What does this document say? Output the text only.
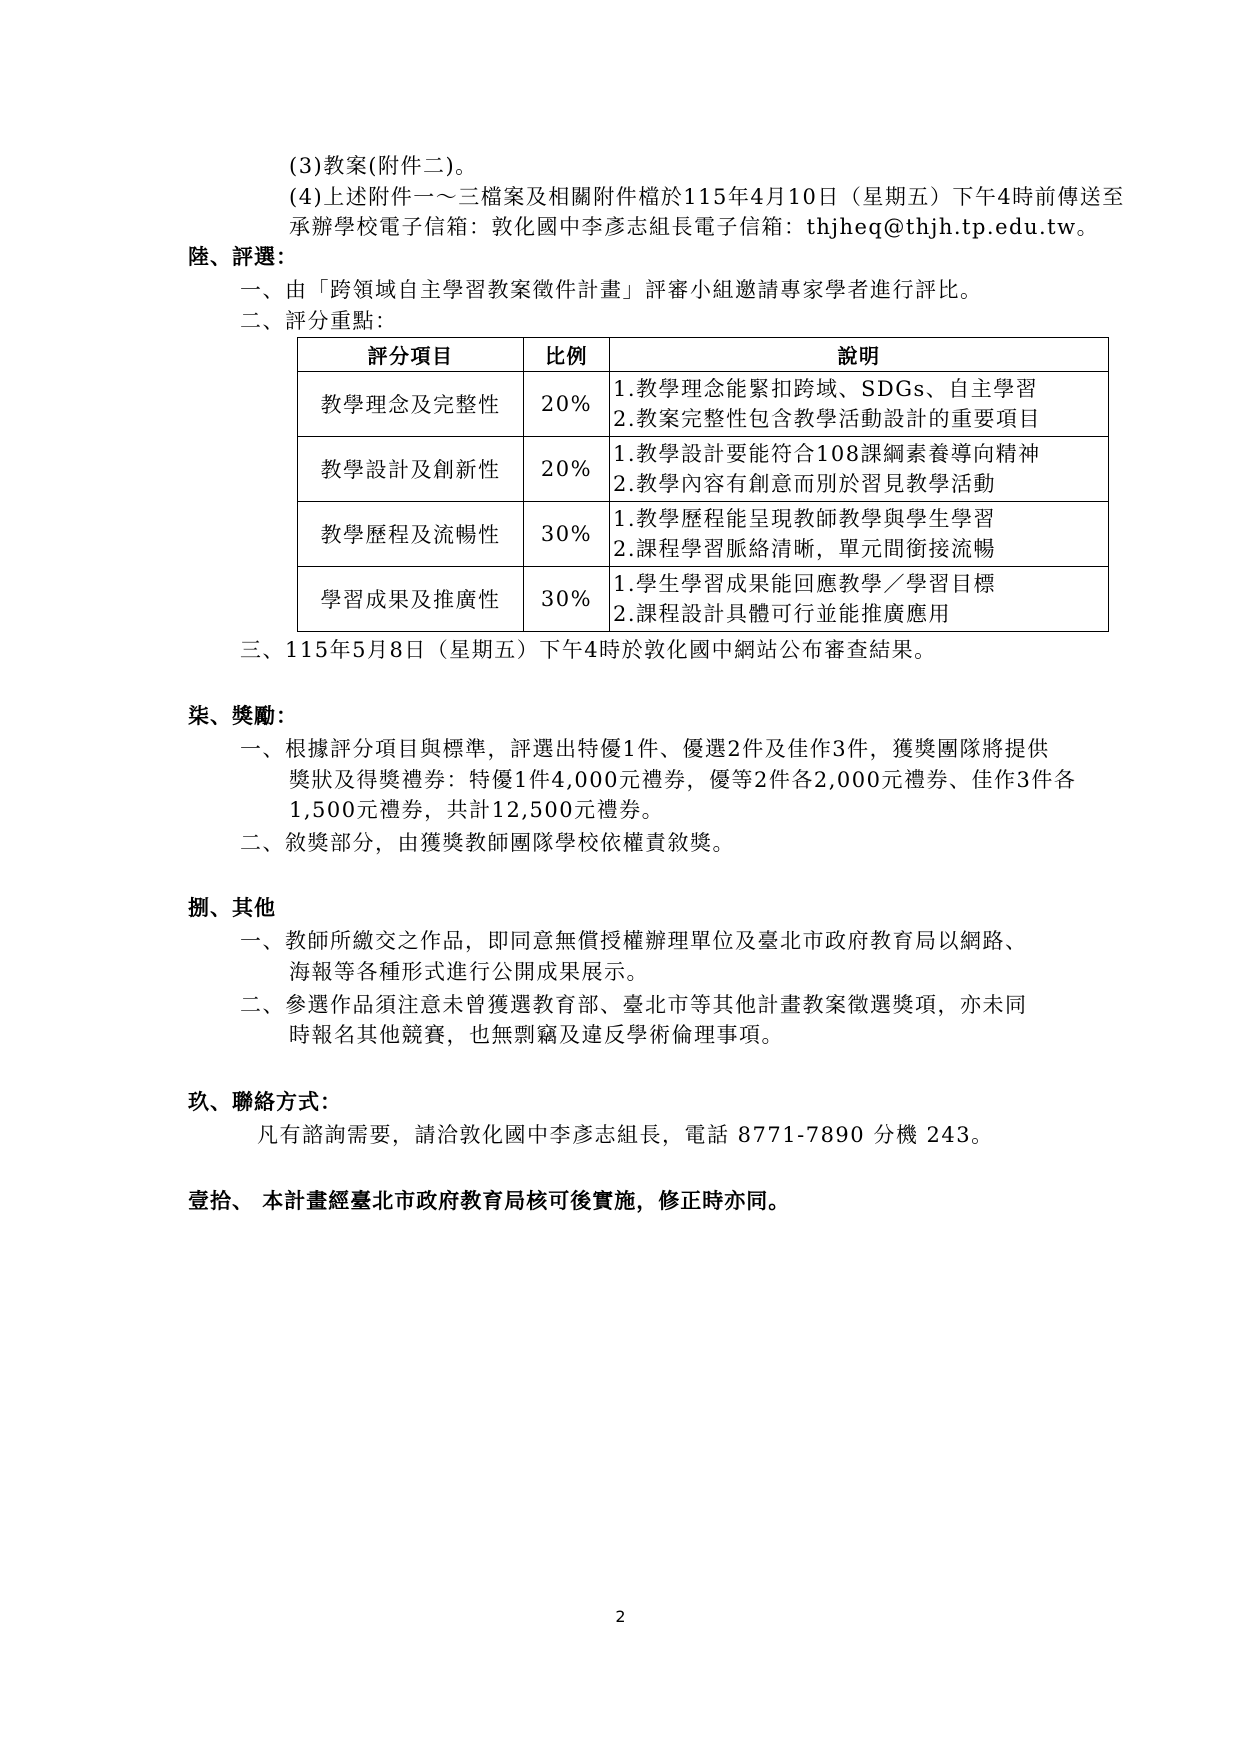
(3)教案(附件二)。
(4)上述附件一～三檔案及相關附件檔於115年4月10日（星期五）下午4時前傳送至
承辦學校電子信箱：敦化國中李彥志組長電子信箱：thjheq@thjh.tp.edu.tw。
陸、評選：
一、由「跨領域自主學習教案徵件計畫」評審小組邀請專家學者進行評比。
二、評分重點：
評分項目	比例	說明
教學理念及完整性	20%	1.教學理念能緊扣跨域、SDGs、自主學習
2.教案完整性包含教學活動設計的重要項目

教學設計及創新性	20%	1.教學設計要能符合108課綱素養導向精神
2.教學內容有創意而別於習見教學活動

教學歷程及流暢性	30%	1.教學歷程能呈現教師教學與學生學習
2.課程學習脈絡清晰，單元間銜接流暢

學習成果及推廣性	30%	1.學生學習成果能回應教學／學習目標
2.課程設計具體可行並能推廣應用
三、115年5月8日（星期五）下午4時於敦化國中網站公布審查結果。
柒、獎勵：
一、根據評分項目與標準，評選出特優1件、優選2件及佳作3件，獲獎團隊將提供
獎狀及得獎禮券：特優1件4,000元禮券，優等2件各2,000元禮券、佳作3件各
1,500元禮券，共計12,500元禮券。
二、敘獎部分，由獲獎教師團隊學校依權責敘獎。
捌、其他
一、教師所繳交之作品，即同意無償授權辦理單位及臺北市政府教育局以網路、
海報等各種形式進行公開成果展示。
二、參選作品須注意未曾獲選教育部、臺北市等其他計畫教案徵選獎項，亦未同
時報名其他競賽，也無剽竊及違反學術倫理事項。
玖、聯絡方式：
凡有諮詢需要，請洽敦化國中李彥志組長，電話 8771-7890 分機 243。
壹拾、 本計畫經臺北市政府教育局核可後實施，修正時亦同。
2
